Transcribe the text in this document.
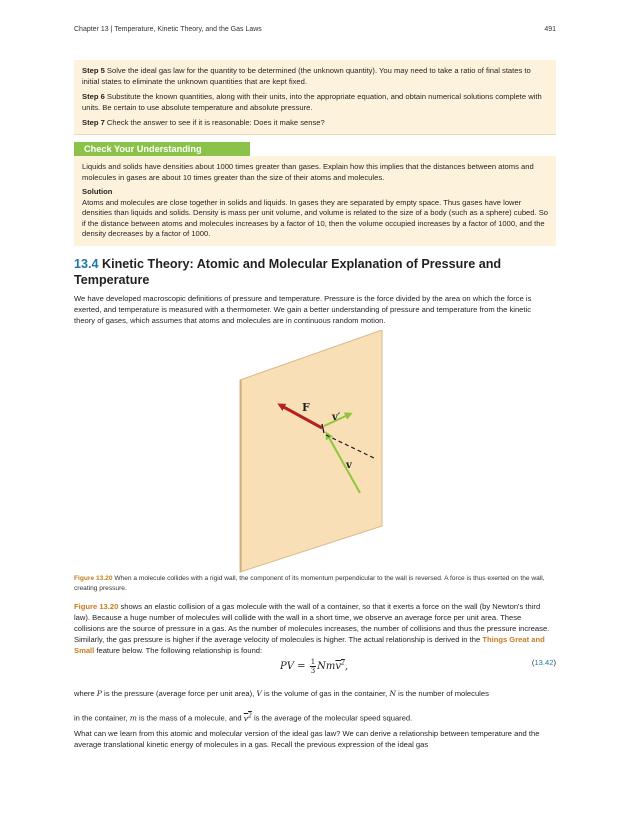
Chapter 13 | Temperature, Kinetic Theory, and the Gas Laws	491

Step 5 Solve the ideal gas law for the quantity to be determined (the unknown quantity). You may need to take a ratio of final states to initial states to eliminate the unknown quantities that are kept fixed.

Step 6 Substitute the known quantities, along with their units, into the appropriate equation, and obtain numerical solutions complete with units. Be certain to use absolute temperature and absolute pressure.

Step 7 Check the answer to see if it is reasonable: Does it make sense?

Check Your Understanding

Liquids and solids have densities about 1000 times greater than gases. Explain how this implies that the distances between atoms and molecules in gases are about 10 times greater than the size of their atoms and molecules.

Solution

Atoms and molecules are close together in solids and liquids. In gases they are separated by empty space. Thus gases have lower densities than liquids and solids. Density is mass per unit volume, and volume is related to the size of a body (such as a sphere) cubed. So if the distance between atoms and molecules increases by a factor of 10, then the volume occupied increases by a factor of 1000, and the density decreases by a factor of 1000.

13.4 Kinetic Theory: Atomic and Molecular Explanation of Pressure and Temperature

We have developed macroscopic definitions of pressure and temperature. Pressure is the force divided by the area on which the force is exerted, and temperature is measured with a thermometer. We gain a better understanding of pressure and temperature from the kinetic theory of gases, which assumes that atoms and molecules are in continuous random motion.

F
v
v′
Figure 13.20 When a molecule collides with a rigid wall, the component of its momentum perpendicular to the wall is reversed. A force is thus exerted on the wall, creating pressure.

Figure 13.20 shows an elastic collision of a gas molecule with the wall of a container, so that it exerts a force on the wall (by Newton's third law). Because a huge number of molecules will collide with the wall in a short time, we observe an average force per unit area. These collisions are the source of pressure in a gas. As the number of molecules increases, the number of collisions and thus the pressure increase. Similarly, the gas pressure is higher if the average velocity of molecules is higher. The actual relationship is derived in the Things Great and Small feature below. The following relationship is found:

PV = $\frac{1}{3} Nmv^2$,	(13.42)
where P is the pressure (average force per unit area), V is the volume of gas in the container, N is the number of molecules
in the container, m is the mass of a molecule, and $v^2$ is the average of the molecular speed squared.

What can we learn from this atomic and molecular version of the ideal gas law? We can derive a relationship between temperature and the average translational kinetic energy of molecules in a gas. Recall the previous expression of the ideal gas
